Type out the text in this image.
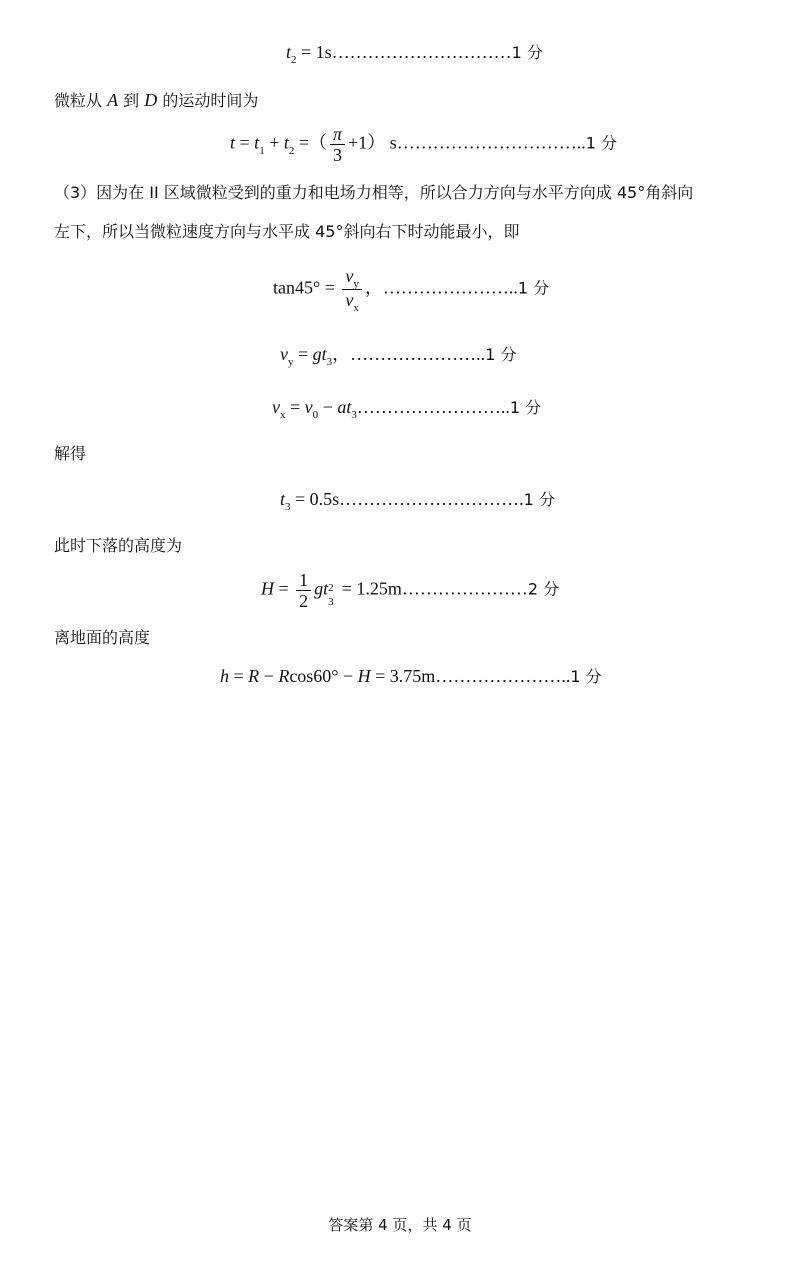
$t_2$ = 1s…………………………1 分
微粒从 A 到 D 的运动时间为
$t = t_1 + t_2$ =（ $\frac{\pi}{3} +1$） s…………………………..1 分
（3）因为在 II 区域微粒受到的重力和电场力相等，所以合力方向与水平方向成 45°角斜向
左下，所以当微粒速度方向与水平成 45°斜向右下时动能最小，即
$\tan 45^\circ = \frac{v_y}{v_x}$ ，…………………..1 分
$v_y = gt_3$，…………………..1 分
$v_x = v_0$ − $at_3\dots\dots\dots\dots\dots\dots\dots\dots..1$ 分
解得
$t_3$ = 0.5s………………………….1 分
此时下落的高度为
$H = \frac{1}{2}$ gt 2
3
= 1.25m…………………2 分
离地面的高度
h = R − Rcos60° − H = 3.75m…………………..1 分
答案第 4 页，共 4 页
